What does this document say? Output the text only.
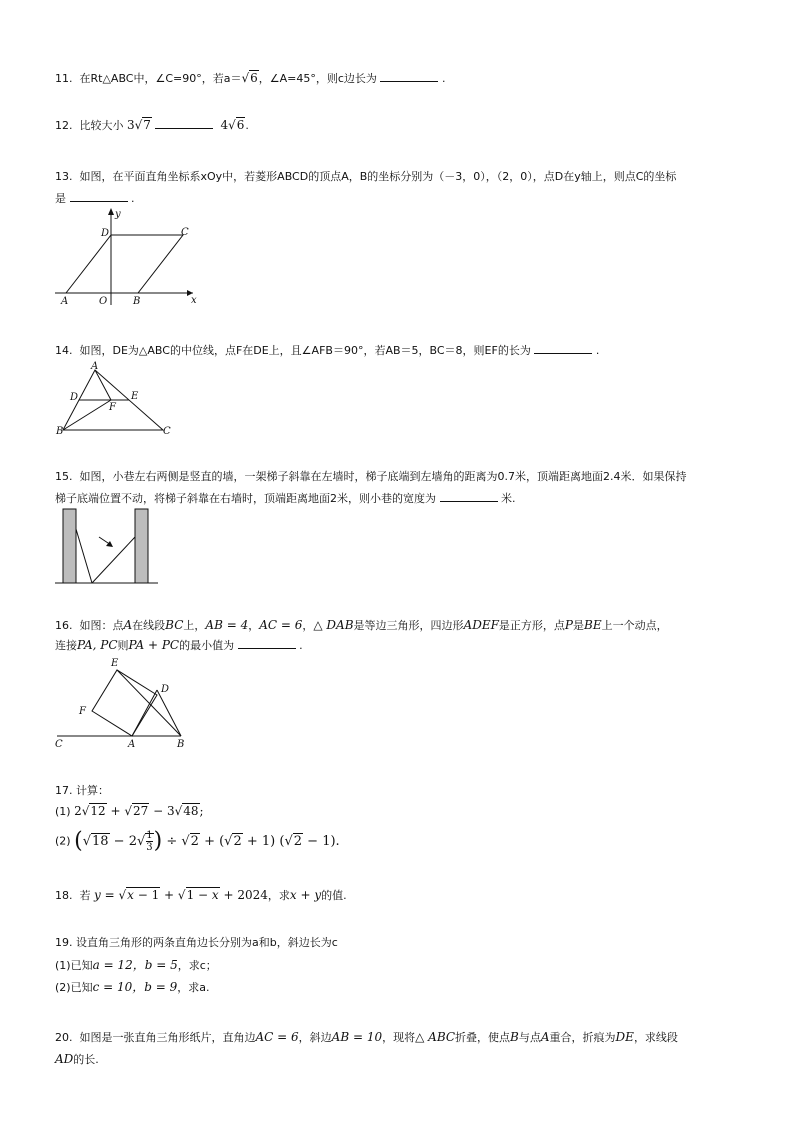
11. 在Rt△ABC中，∠C=90°，若a＝√6，∠A=45°，则c边长为	.
12. 比较大小 3√7	4√6.
13. 如图，在平面直角坐标系xOy中，若菱形ABCD的顶点A，B的坐标分别为（－3，0），（2，0），点D在y轴上，则点C的坐标
是	.
y
x
D	C
A	O	B
14. 如图，DE为△ABC的中位线，点F在DE上，且∠AFB＝90°，若AB＝5，BC＝8，则EF的长为	.
A
D	E
F
B	C
15. 如图，小巷左右两侧是竖直的墙，一架梯子斜靠在左墙时，梯子底端到左墙角的距离为0.7米，顶端距离地面2.4米．如果保持
梯子底端位置不动，将梯子斜靠在右墙时，顶端距离地面2米，则小巷的宽度为	米.
16. 如图：点A在线段BC上，AB = 4，AC = 6，△ DAB是等边三角形，四边形ADEF是正方形，点P是BE上一个动点，
连接PA, PC则PA + PC的最小值为	.
E
D
F
C	A	B
17. 计算：
(1) 2√12 + √27 − 3√48;
(2) ($√18 - 2√ \frac{1}{3}$ ) ÷ √2 + (√2 + 1) (√2 − 1).
18. 若 y = √x − 1 + √1 − x + 2024，求x + y的值.
19. 设直角三角形的两条直角边长分别为a和b，斜边长为c
(1)已知a = 12，b = 5，求c；
(2)已知c = 10，b = 9，求a.
20. 如图是一张直角三角形纸片，直角边AC = 6，斜边AB = 10，现将△ ABC折叠，使点B与点A重合，折痕为DE，求线段
AD的长.
